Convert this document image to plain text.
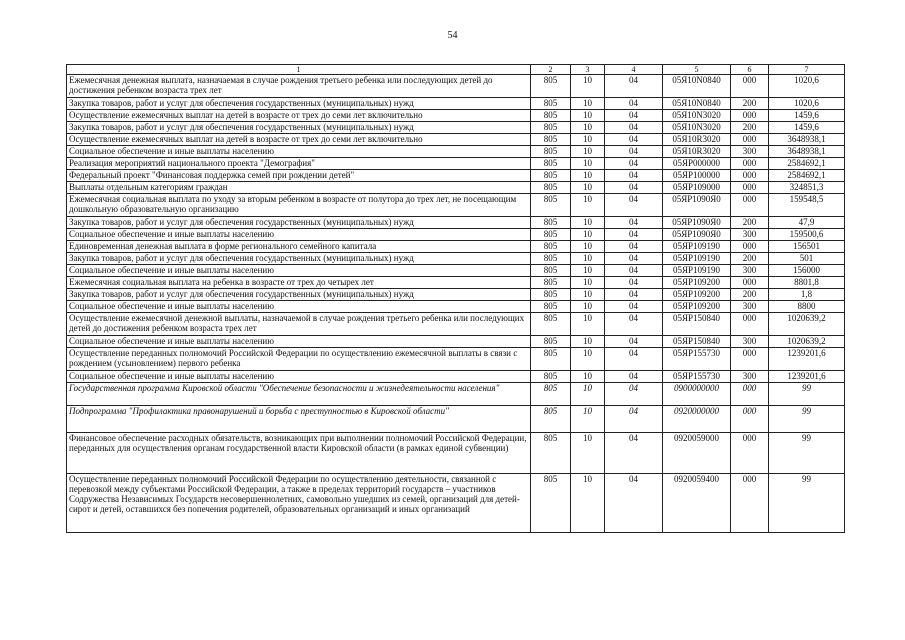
54
1	2	3	4	5	6	7
Ежемесячная денежная выплата, назначаемая в случае рождения третьего ребенка или последующих детей до достижения ребенком возраста трех лет	805	10	04	05Я10N0840	000	1020,6
Закупка товаров, работ и услуг для обеспечения государственных (муниципальных) нужд	805	10	04	05Я10N0840	200	1020,6
Осуществление ежемесячных выплат на детей в возрасте от трех до семи лет включительно	805	10	04	05Я10N3020	000	1459,6
Закупка товаров, работ и услуг для обеспечения государственных (муниципальных) нужд	805	10	04	05Я10N3020	200	1459,6
Осуществление ежемесячных выплат на детей в возрасте от трех до семи лет включительно	805	10	04	05Я10R3020	000	3648938,1
Социальное обеспечение и иные выплаты населению	805	10	04	05Я10R3020	300	3648938,1
Реализация мероприятий национального проекта "Демография"	805	10	04	05ЯР000000	000	2584692,1
Федеральный проект "Финансовая поддержка семей при рождении детей"	805	10	04	05ЯР100000	000	2584692,1
Выплаты отдельным категориям граждан	805	10	04	05ЯР109000	000	324851,3
Ежемесячная социальная выплата по уходу за вторым ребенком в возрасте от полутора до трех лет, не посещающим дошкольную образовательную организацию	805	10	04	05ЯР1090Я0	000	159548,5
Закупка товаров, работ и услуг для обеспечения государственных (муниципальных) нужд	805	10	04	05ЯР1090Я0	200	47,9
Социальное обеспечение и иные выплаты населению	805	10	04	05ЯР1090Я0	300	159500,6
Единовременная денежная выплата в форме регионального семейного капитала	805	10	04	05ЯР109190	000	156501
Закупка товаров, работ и услуг для обеспечения государственных (муниципальных) нужд	805	10	04	05ЯР109190	200	501
Социальное обеспечение и иные выплаты населению	805	10	04	05ЯР109190	300	156000
Ежемесячная социальная выплата на ребенка в возрасте от трех до четырех лет	805	10	04	05ЯР109200	000	8801,8
Закупка товаров, работ и услуг для обеспечения государственных (муниципальных) нужд	805	10	04	05ЯР109200	200	1,8
Социальное обеспечение и иные выплаты населению	805	10	04	05ЯР109200	300	8800
Осуществление ежемесячной денежной выплаты, назначаемой в случае рождения третьего ребенка или последующих детей до достижения ребенком возраста трех лет	805	10	04	05ЯР150840	000	1020639,2
Социальное обеспечение и иные выплаты населению	805	10	04	05ЯР150840	300	1020639,2
Осуществление переданных полномочий Российской Федерации по осуществлению ежемесячной выплаты в связи с рождением (усыновлением) первого ребенка	805	10	04	05ЯР155730	000	1239201,6
Социальное обеспечение и иные выплаты населению	805	10	04	05ЯР155730	300	1239201,6
Государственная программа Кировской области "Обеспечение безопасности и жизнедеятельности населения"	805	10	04	0900000000	000	99
Подпрограмма "Профилактика правонарушений и борьба с преступностью в Кировской области"	805	10	04	0920000000	000	99
Финансовое обеспечение расходных обязательств, возникающих при выполнении полномочий Российской Федерации, переданных для осуществления органам государственной власти Кировской области (в рамках единой субвенции)	805	10	04	0920059000	000	99
Осуществление переданных полномочий Российской Федерации по осуществлению деятельности, связанной с перевозкой между субъектами Российской Федерации, а также в пределах территорий государств – участников Содружества Независимых Государств несовершеннолетних, самовольно ушедших из семей, организаций для детей-сирот и детей, оставшихся без попечения родителей, образовательных организаций и иных организаций	805	10	04	0920059400	000	99
